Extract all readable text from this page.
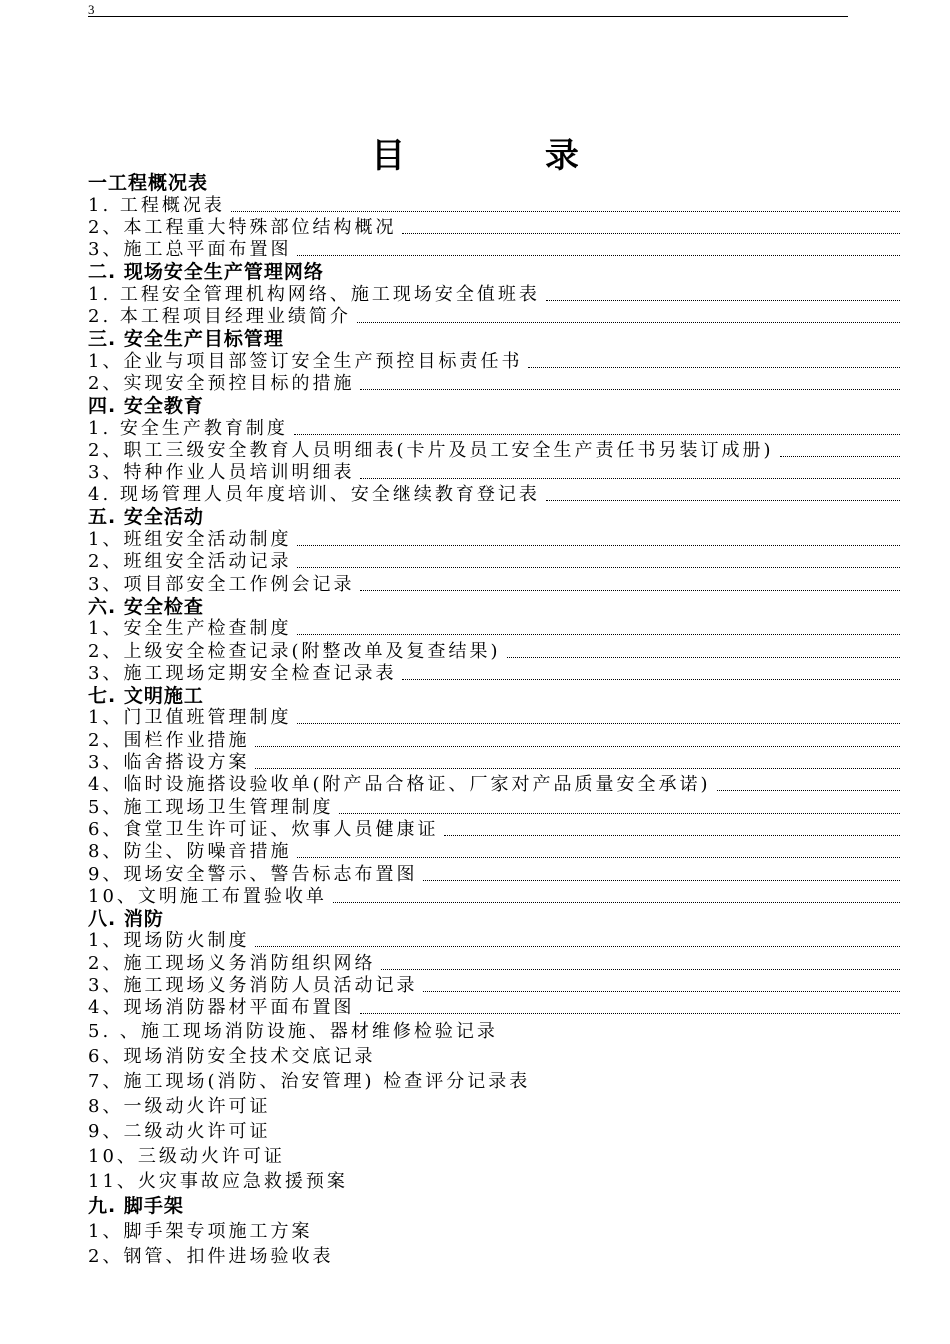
3
目 录
一工程概况表
1. 工程概况表
2、本工程重大特殊部位结构概况
3、施工总平面布置图
二. 现场安全生产管理网络
1. 工程安全管理机构网络、施工现场安全值班表
2. 本工程项目经理业绩简介
三. 安全生产目标管理
1、企业与项目部签订安全生产预控目标责任书
2、实现安全预控目标的措施
四. 安全教育
1. 安全生产教育制度
2、职工三级安全教育人员明细表(卡片及员工安全生产责任书另装订成册)
3、特种作业人员培训明细表
4. 现场管理人员年度培训、安全继续教育登记表
五. 安全活动
1、班组安全活动制度
2、班组安全活动记录
3、项目部安全工作例会记录
六. 安全检查
1、安全生产检查制度
2、上级安全检查记录(附整改单及复查结果)
3、施工现场定期安全检查记录表
七. 文明施工
1、门卫值班管理制度
2、围栏作业措施
3、临舍搭设方案
4、临时设施搭设验收单(附产品合格证、厂家对产品质量安全承诺)
5、施工现场卫生管理制度
6、食堂卫生许可证、炊事人员健康证
8、防尘、防噪音措施
9、现场安全警示、警告标志布置图
10、文明施工布置验收单
八. 消防
1、现场防火制度
2、施工现场义务消防组织网络
3、施工现场义务消防人员活动记录
4、现场消防器材平面布置图
5. 、施工现场消防设施、器材维修检验记录
6、现场消防安全技术交底记录
7、施工现场(消防、治安管理) 检查评分记录表
8、一级动火许可证
9、二级动火许可证
10、三级动火许可证
11、火灾事故应急救援预案
九. 脚手架
1、脚手架专项施工方案
2、钢管、扣件进场验收表
